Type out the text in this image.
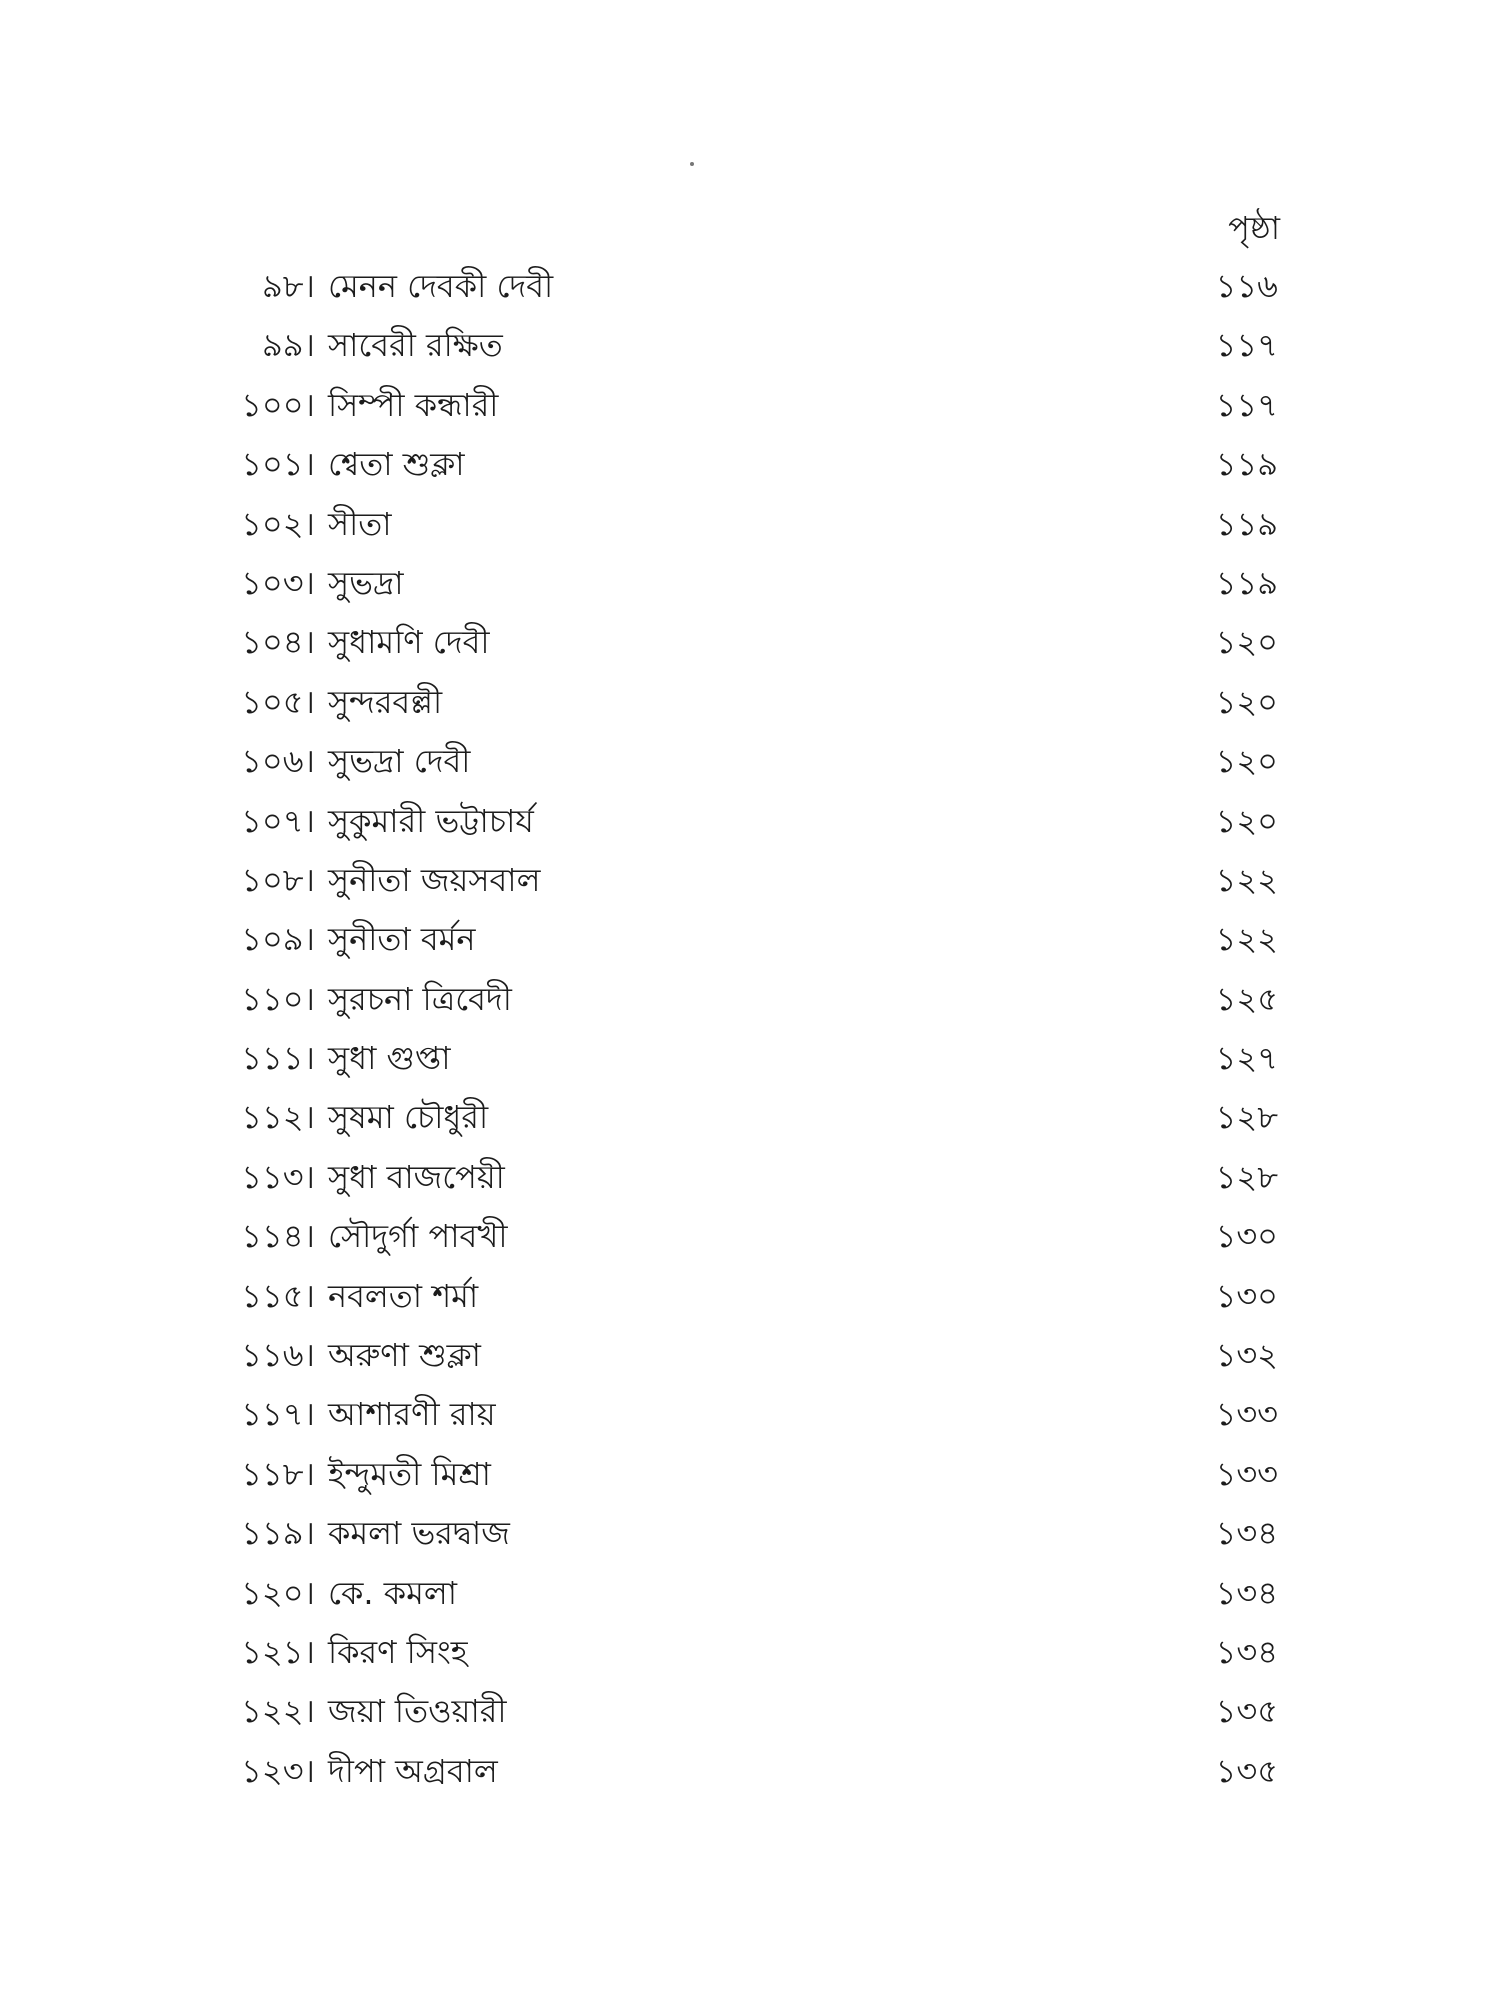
পৃষ্ঠা
৯৮। মেনন দেবকী দেবী	১১৬
৯৯। সাবেরী রক্ষিত	১১৭
১০০। সিম্পী কন্ধারী	১১৭
১০১। শ্বেতা শুক্লা	১১৯
১০২। সীতা	১১৯
১০৩। সুভদ্রা	১১৯
১০৪। সুধামণি দেবী	১২০
১০৫। সুন্দরবল্লী	১২০
১০৬। সুভদ্রা দেবী	১২০
১০৭। সুকুমারী ভট্টাচার্য	১২০
১০৮। সুনীতা জয়সবাল	১২২
১০৯। সুনীতা বর্মন	১২২
১১০। সুরচনা ত্রিবেদী	১২৫
১১১। সুধা গুপ্তা	১২৭
১১২। সুষমা চৌধুরী	১২৮
১১৩। সুধা বাজপেয়ী	১২৮
১১৪। সৌদুর্গা পাবখী	১৩০
১১৫। নবলতা শর্মা	১৩০
১১৬। অরুণা শুক্লা	১৩২
১১৭। আশারণী রায়	১৩৩
১১৮। ইন্দুমতী মিশ্রা	১৩৩
১১৯। কমলা ভরদ্বাজ	১৩৪
১২০। কে. কমলা	১৩৪
১২১। কিরণ সিংহ	১৩৪
১২২। জয়া তিওয়ারী	১৩৫
১২৩। দীপা অগ্রবাল	১৩৫
